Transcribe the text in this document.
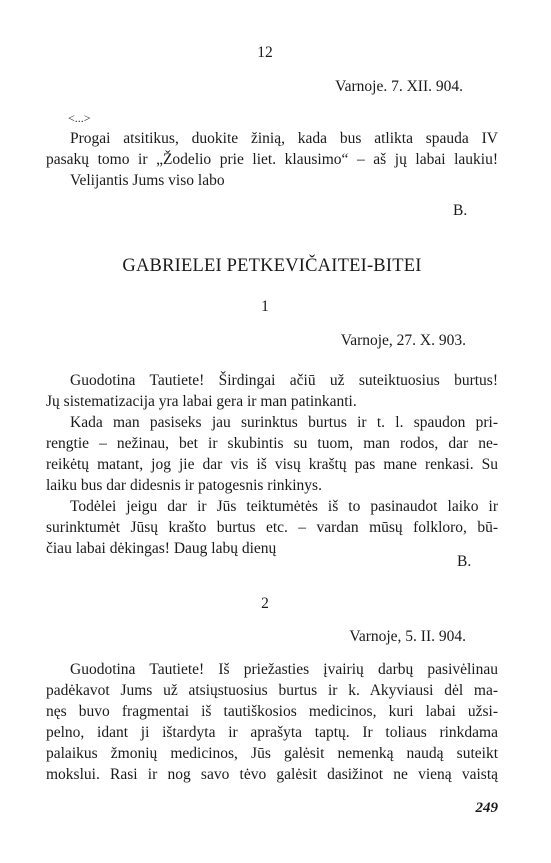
12
Varnoje. 7. XII. 904.
<...>
Progai atsitikus, duokite žinią, kada bus atlikta spauda IV
pasakų tomo ir „Žodelio prie liet. klausimo“ – aš jų labai laukiu!
Velijantis Jums viso labo
B.
GABRIELEI PETKEVIČAITEI-BITEI
1
Varnoje, 27. X. 903.
Guodotina Tautiete! Širdingai ačiū už suteiktuosius burtus!
Jų sistematizacija yra labai gera ir man patinkanti.
Kada man pasiseks jau surinktus burtus ir t. l. spaudon pri-
rengtie – nežinau, bet ir skubintis su tuom, man rodos, dar ne-
reikėtų matant, jog jie dar vis iš visų kraštų pas mane renkasi. Su
laiku bus dar didesnis ir patogesnis rinkinys.
Todėlei jeigu dar ir Jūs teiktumėtės iš to pasinaudot laiko ir
surinktumėt Jūsų krašto burtus etc. – vardan mūsų folkloro, bū-
čiau labai dėkingas! Daug labų dienų
B.
2
Varnoje, 5. II. 904.
Guodotina Tautiete! Iš priežasties įvairių darbų pasivėlinau
padėkavot Jums už atsiųstuosius burtus ir k. Akyviausi dėl ma-
nęs buvo fragmentai iš tautiškosios medicinos, kuri labai užsi-
pelno, idant ji ištardyta ir aprašyta taptų. Ir toliaus rinkdama
palaikus žmonių medicinos, Jūs galėsit nemenką naudą suteikt
mokslui. Rasi ir nog savo tėvo galėsit dasižinot ne vieną vaistą
249
